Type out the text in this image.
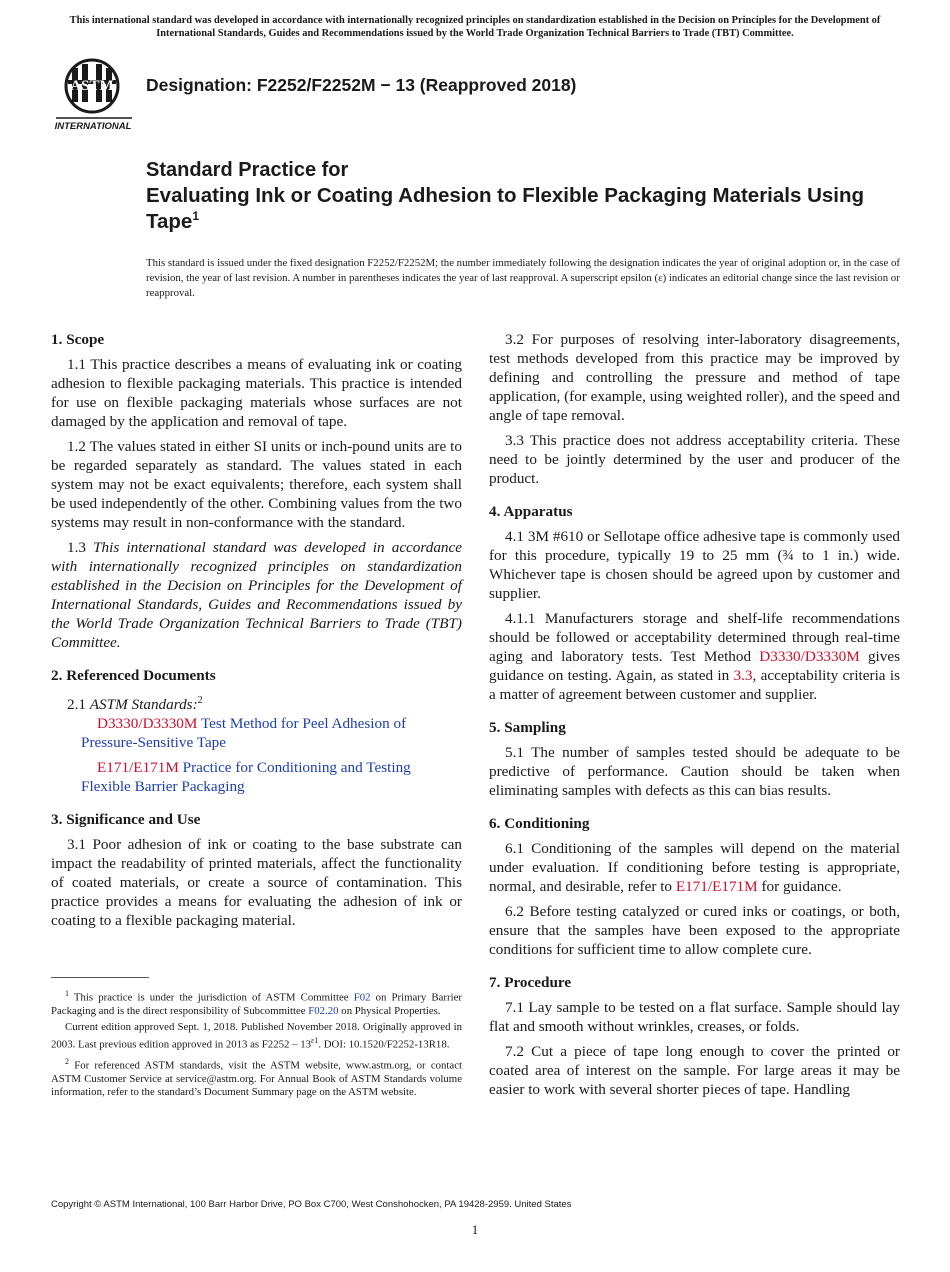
This international standard was developed in accordance with internationally recognized principles on standardization established in the Decision on Principles for the Development of International Standards, Guides and Recommendations issued by the World Trade Organization Technical Barriers to Trade (TBT) Committee.
ASTM
INTERNATIONAL
Designation: F2252/F2252M − 13 (Reapproved 2018)
Standard Practice for
Evaluating Ink or Coating Adhesion to Flexible Packaging Materials Using Tape$^1$
This standard is issued under the fixed designation F2252/F2252M; the number immediately following the designation indicates the year of original adoption or, in the case of revision, the year of last revision. A number in parentheses indicates the year of last reapproval. A superscript epsilon (ε) indicates an editorial change since the last revision or reapproval.
1. Scope

1.1 This practice describes a means of evaluating ink or coating adhesion to flexible packaging materials. This practice is intended for use on flexible packaging materials whose surfaces are not damaged by the application and removal of tape.

1.2 The values stated in either SI units or inch-pound units are to be regarded separately as standard. The values stated in each system may not be exact equivalents; therefore, each system shall be used independently of the other. Combining values from the two systems may result in non-conformance with the standard.

1.3 This international standard was developed in accordance with internationally recognized principles on standardization established in the Decision on Principles for the Development of International Standards, Guides and Recommendations issued by the World Trade Organization Technical Barriers to Trade (TBT) Committee.

2. Referenced Documents

2.1 ASTM Standards:$^2$

D3330/D3330M Test Method for Peel Adhesion of Pressure-Sensitive Tape

E171/E171M Practice for Conditioning and Testing Flexible Barrier Packaging

3. Significance and Use

3.1 Poor adhesion of ink or coating to the base substrate can impact the readability of printed materials, affect the functionality of coated materials, or create a source of contamination. This practice provides a means for evaluating the adhesion of ink or coating to a flexible packaging material.

3.2 For purposes of resolving inter-laboratory disagreements, test methods developed from this practice may be improved by defining and controlling the pressure and method of tape application, (for example, using weighted roller), and the speed and angle of tape removal.

3.3 This practice does not address acceptability criteria. These need to be jointly determined by the user and producer of the product.

4. Apparatus

4.1 3M #610 or Sellotape office adhesive tape is commonly used for this procedure, typically 19 to 25 mm (¾ to 1 in.) wide. Whichever tape is chosen should be agreed upon by customer and supplier.

4.1.1 Manufacturers storage and shelf-life recommendations should be followed or acceptability determined through real-time aging and laboratory tests. Test Method D3330/D3330M gives guidance on testing. Again, as stated in 3.3, acceptability criteria is a matter of agreement between customer and supplier.

5. Sampling

5.1 The number of samples tested should be adequate to be predictive of performance. Caution should be taken when eliminating samples with defects as this can bias results.

6. Conditioning

6.1 Conditioning of the samples will depend on the material under evaluation. If conditioning before testing is appropriate, normal, and desirable, refer to E171/E171M for guidance.

6.2 Before testing catalyzed or cured inks or coatings, or both, ensure that the samples have been exposed to the appropriate conditions for sufficient time to allow complete cure.

7. Procedure

7.1 Lay sample to be tested on a flat surface. Sample should lay flat and smooth without wrinkles, creases, or folds.

7.2 Cut a piece of tape long enough to cover the printed or coated area of interest on the sample. For large areas it may be easier to work with several shorter pieces of tape. Handling

$^1$ This practice is under the jurisdiction of ASTM Committee F02 on Primary Barrier Packaging and is the direct responsibility of Subcommittee F02.20 on Physical Properties.

Current edition approved Sept. 1, 2018. Published November 2018. Originally approved in 2003. Last previous edition approved in 2013 as $F2252 - 13^{\varepsilon 1}$. DOI: 10.1520/F2252-13R18.

$^2$ For referenced ASTM standards, visit the ASTM website, www.astm.org, or contact ASTM Customer Service at service@astm.org. For Annual Book of ASTM Standards volume information, refer to the standard’s Document Summary page on the ASTM website.

Copyright © ASTM International, 100 Barr Harbor Drive, PO Box C700, West Conshohocken, PA 19428-2959. United States
1
